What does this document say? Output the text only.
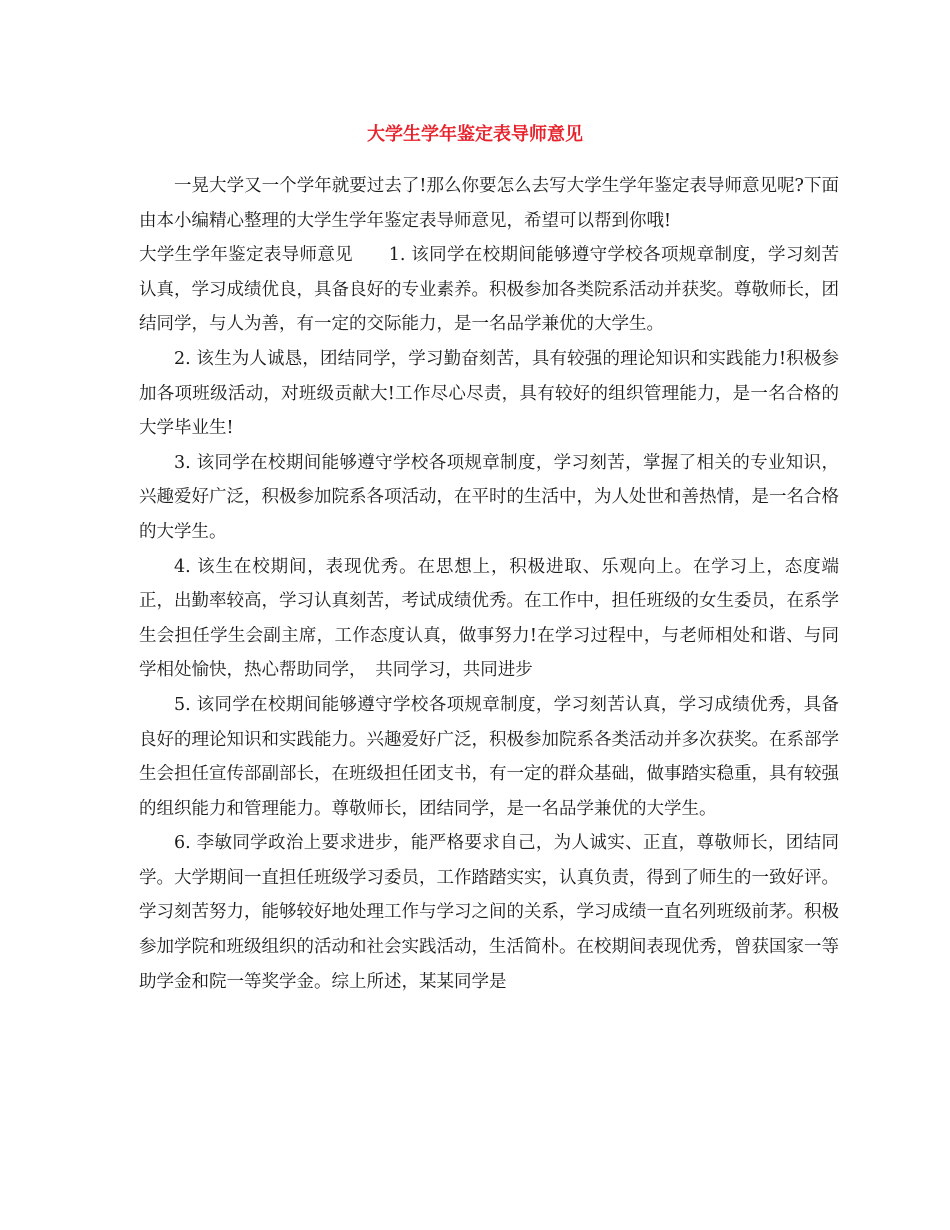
大学生学年鉴定表导师意见

一晃大学又一个学年就要过去了!那么你要怎么去写大学生学年鉴定表导师意见呢?下面由本小编精心整理的大学生学年鉴定表导师意见，希望可以帮到你哦!

大学生学年鉴定表导师意见　　1. 该同学在校期间能够遵守学校各项规章制度，学习刻苦认真，学习成绩优良，具备良好的专业素养。积极参加各类院系活动并获奖。尊敬师长，团结同学，与人为善，有一定的交际能力，是一名品学兼优的大学生。

2. 该生为人诚恳，团结同学，学习勤奋刻苦，具有较强的理论知识和实践能力!积极参加各项班级活动，对班级贡献大!工作尽心尽责，具有较好的组织管理能力，是一名合格的大学毕业生!

3. 该同学在校期间能够遵守学校各项规章制度，学习刻苦，掌握了相关的专业知识，兴趣爱好广泛，积极参加院系各项活动，在平时的生活中，为人处世和善热情，是一名合格的大学生。

4. 该生在校期间，表现优秀。在思想上，积极进取、乐观向上。在学习上，态度端正，出勤率较高，学习认真刻苦，考试成绩优秀。在工作中，担任班级的女生委员，在系学生会担任学生会副主席，工作态度认真，做事努力!在学习过程中，与老师相处和谐、与同学相处愉快，热心帮助同学，　共同学习，共同进步

5. 该同学在校期间能够遵守学校各项规章制度，学习刻苦认真，学习成绩优秀，具备良好的理论知识和实践能力。兴趣爱好广泛，积极参加院系各类活动并多次获奖。在系部学生会担任宣传部副部长，在班级担任团支书，有一定的群众基础，做事踏实稳重，具有较强的组织能力和管理能力。尊敬师长，团结同学，是一名品学兼优的大学生。

6. 李敏同学政治上要求进步，能严格要求自己，为人诚实、正直，尊敬师长，团结同学。大学期间一直担任班级学习委员，工作踏踏实实，认真负责，得到了师生的一致好评。学习刻苦努力，能够较好地处理工作与学习之间的关系，学习成绩一直名列班级前茅。积极参加学院和班级组织的活动和社会实践活动，生活简朴。在校期间表现优秀，曾获国家一等助学金和院一等奖学金。综上所述，某某同学是
